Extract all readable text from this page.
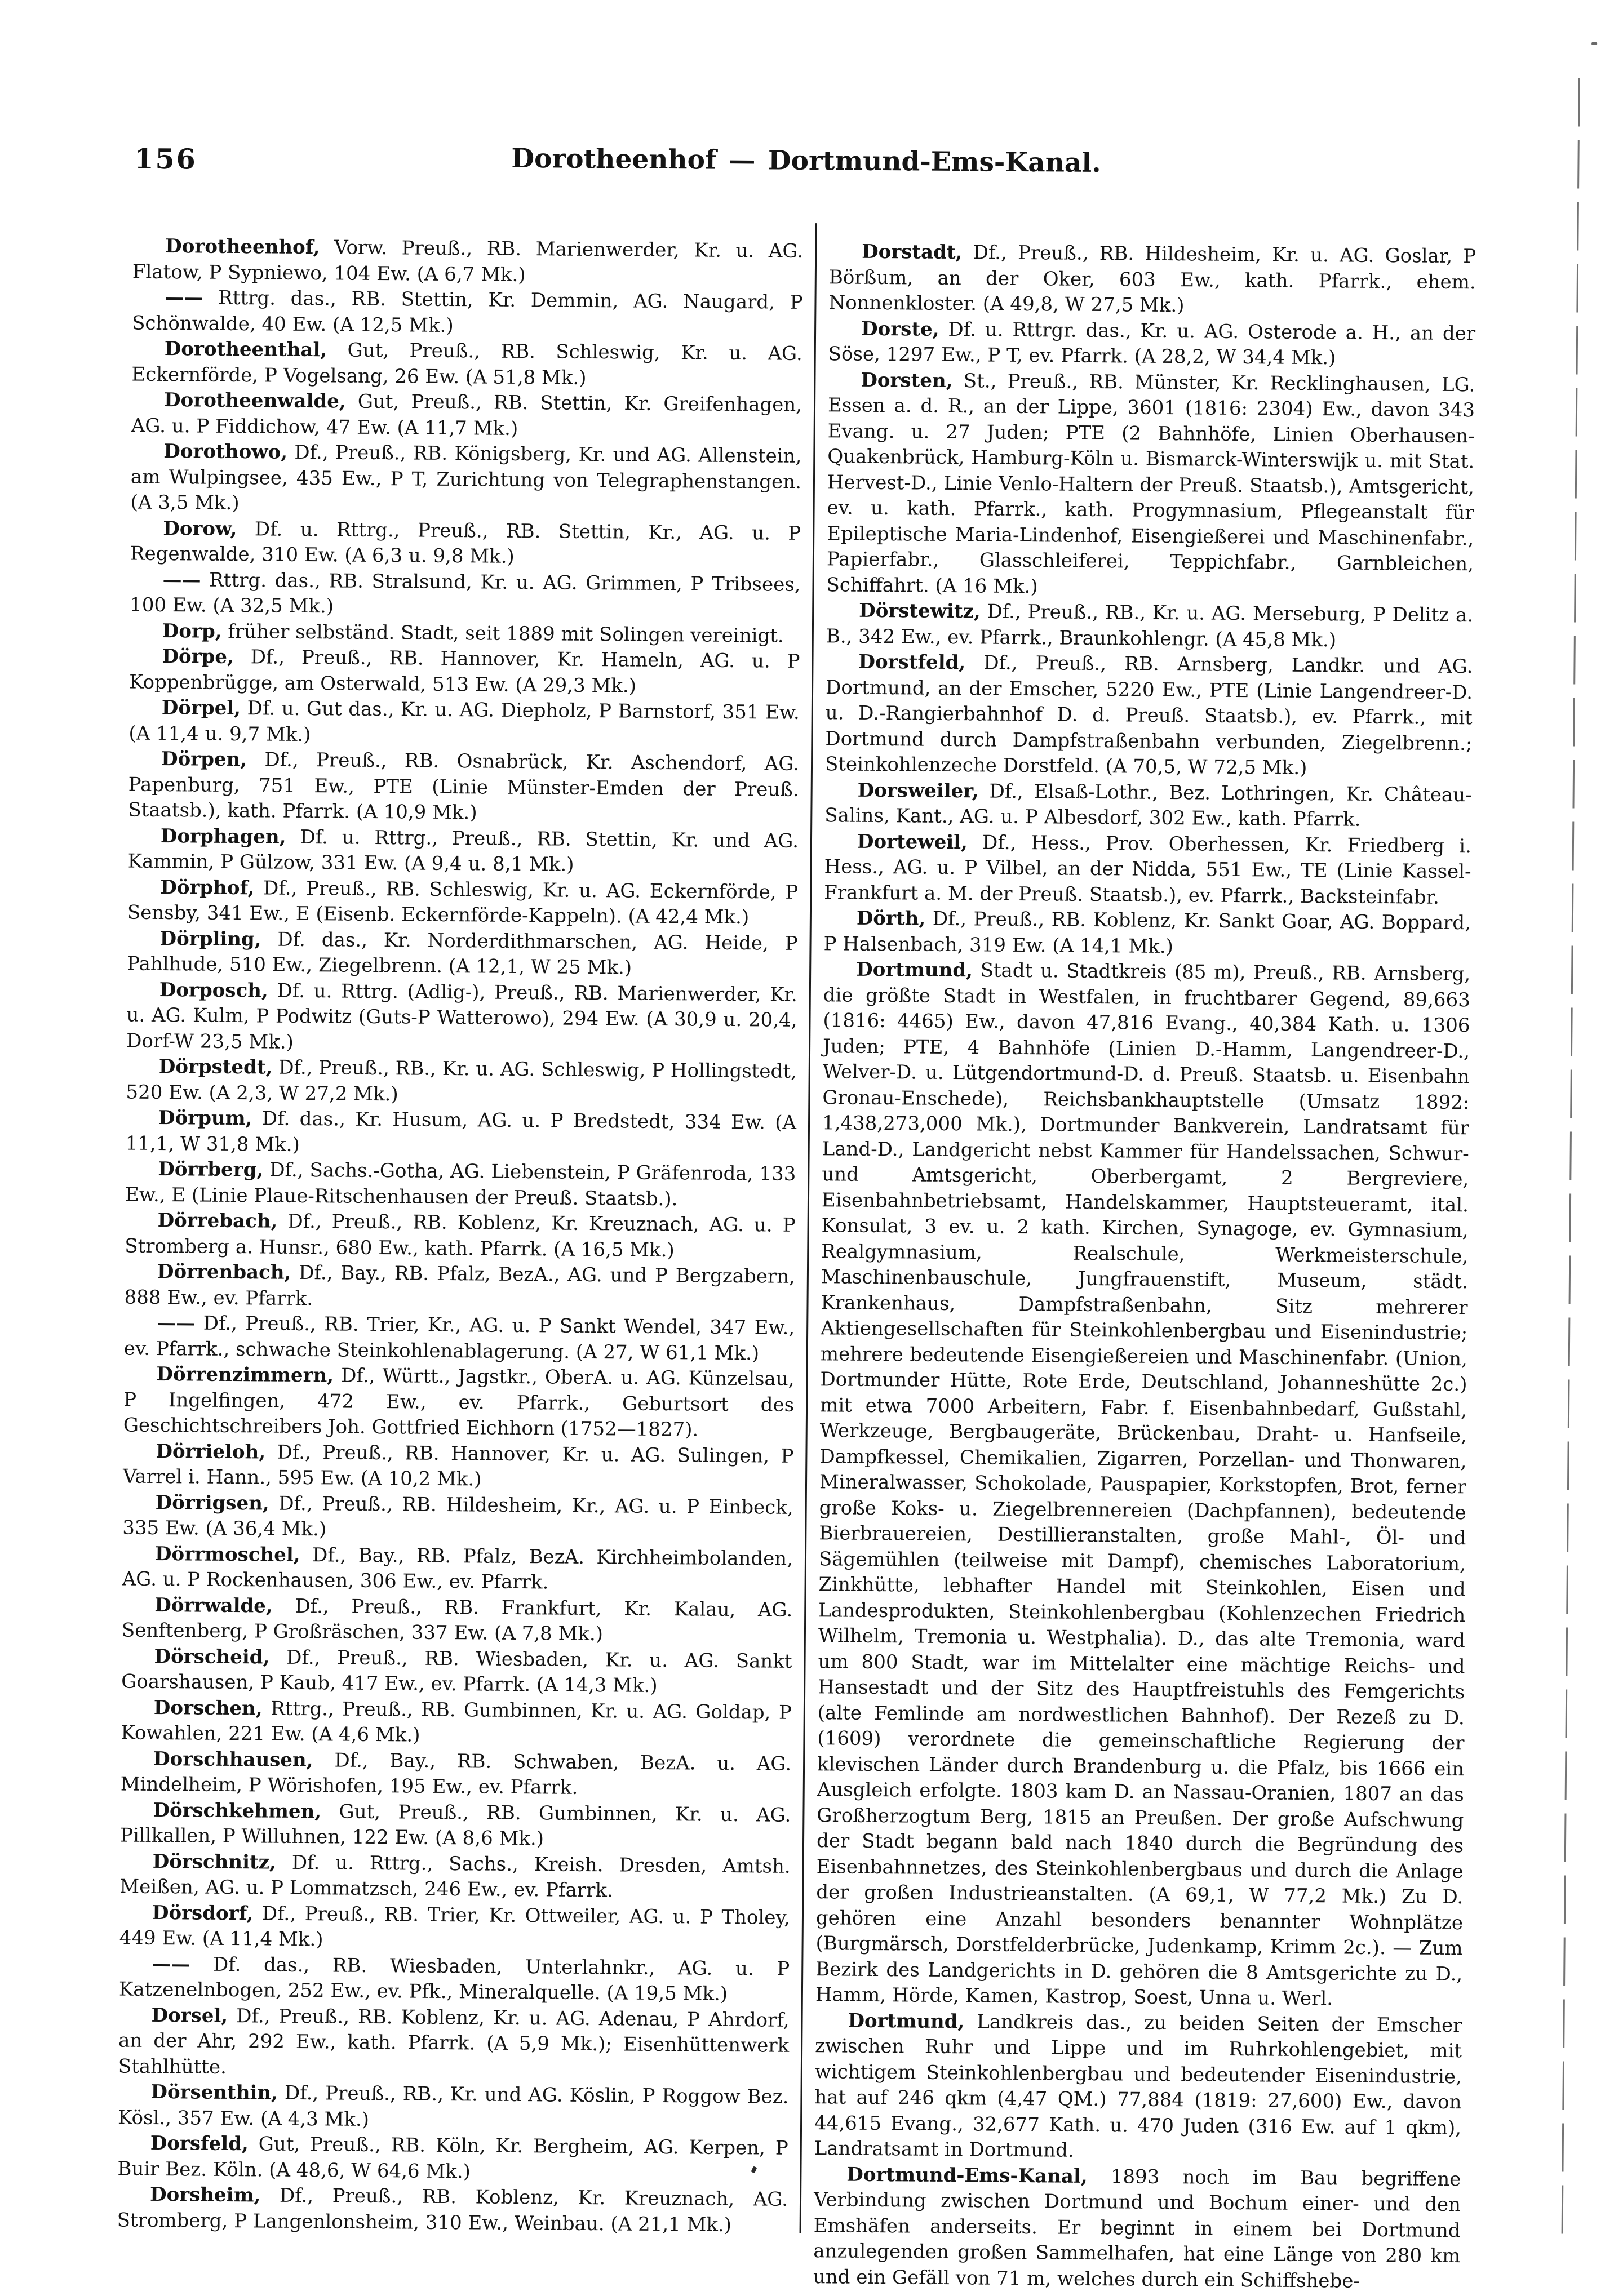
156	Dorotheenhof — Dortmund-Ems-Kanal.

Dorotheenhof, Vorw. Preuß., RB. Marienwerder, Kr. u. AG. Flatow, P Sypniewo, 104 Ew. (A 6,7 Mk.)

—— Rttrg. das., RB. Stettin, Kr. Demmin, AG. Naugard, P Schönwalde, 40 Ew. (A 12,5 Mk.)

Dorotheenthal, Gut, Preuß., RB. Schleswig, Kr. u. AG. Eckernförde, P Vogelsang, 26 Ew. (A 51,8 Mk.)

Dorotheenwalde, Gut, Preuß., RB. Stettin, Kr. Greifenhagen, AG. u. P Fiddichow, 47 Ew. (A 11,7 Mk.)

Dorothowo, Df., Preuß., RB. Königsberg, Kr. und AG. Allenstein, am Wulpingsee, 435 Ew., P T, Zurichtung von Telegraphenstangen. (A 3,5 Mk.)

Dorow, Df. u. Rttrg., Preuß., RB. Stettin, Kr., AG. u. P Regenwalde, 310 Ew. (A 6,3 u. 9,8 Mk.)

—— Rttrg. das., RB. Stralsund, Kr. u. AG. Grimmen, P Tribsees, 100 Ew. (A 32,5 Mk.)

Dorp, früher selbständ. Stadt, seit 1889 mit Solingen vereinigt.

Dörpe, Df., Preuß., RB. Hannover, Kr. Hameln, AG. u. P Koppenbrügge, am Osterwald, 513 Ew. (A 29,3 Mk.)

Dörpel, Df. u. Gut das., Kr. u. AG. Diepholz, P Barnstorf, 351 Ew. (A 11,4 u. 9,7 Mk.)

Dörpen, Df., Preuß., RB. Osnabrück, Kr. Aschendorf, AG. Papenburg, 751 Ew., PTE (Linie Münster-Emden der Preuß. Staatsb.), kath. Pfarrk. (A 10,9 Mk.)

Dorphagen, Df. u. Rttrg., Preuß., RB. Stettin, Kr. und AG. Kammin, P Gülzow, 331 Ew. (A 9,4 u. 8,1 Mk.)

Dörphof, Df., Preuß., RB. Schleswig, Kr. u. AG. Eckernförde, P Sensby, 341 Ew., E (Eisenb. Eckernförde-Kappeln). (A 42,4 Mk.)

Dörpling, Df. das., Kr. Norderdithmarschen, AG. Heide, P Pahlhude, 510 Ew., Ziegelbrenn. (A 12,1, W 25 Mk.)

Dorposch, Df. u. Rttrg. (Adlig-), Preuß., RB. Marienwerder, Kr. u. AG. Kulm, P Podwitz (Guts-P Watterowo), 294 Ew. (A 30,9 u. 20,4, Dorf-W 23,5 Mk.)

Dörpstedt, Df., Preuß., RB., Kr. u. AG. Schleswig, P Hollingstedt, 520 Ew. (A 2,3, W 27,2 Mk.)

Dörpum, Df. das., Kr. Husum, AG. u. P Bredstedt, 334 Ew. (A 11,1, W 31,8 Mk.)

Dörrberg, Df., Sachs.-Gotha, AG. Liebenstein, P Gräfenroda, 133 Ew., E (Linie Plaue-Ritschenhausen der Preuß. Staatsb.).

Dörrebach, Df., Preuß., RB. Koblenz, Kr. Kreuznach, AG. u. P Stromberg a. Hunsr., 680 Ew., kath. Pfarrk. (A 16,5 Mk.)

Dörrenbach, Df., Bay., RB. Pfalz, BezA., AG. und P Bergzabern, 888 Ew., ev. Pfarrk.

—— Df., Preuß., RB. Trier, Kr., AG. u. P Sankt Wendel, 347 Ew., ev. Pfarrk., schwache Steinkohlenablagerung. (A 27, W 61,1 Mk.)

Dörrenzimmern, Df., Württ., Jagstkr., OberA. u. AG. Künzelsau, P Ingelfingen, 472 Ew., ev. Pfarrk., Geburtsort des Geschichtschreibers Joh. Gottfried Eichhorn (1752—1827).

Dörrieloh, Df., Preuß., RB. Hannover, Kr. u. AG. Sulingen, P Varrel i. Hann., 595 Ew. (A 10,2 Mk.)

Dörrigsen, Df., Preuß., RB. Hildesheim, Kr., AG. u. P Einbeck, 335 Ew. (A 36,4 Mk.)

Dörrmoschel, Df., Bay., RB. Pfalz, BezA. Kirchheimbolanden, AG. u. P Rockenhausen, 306 Ew., ev. Pfarrk.

Dörrwalde, Df., Preuß., RB. Frankfurt, Kr. Kalau, AG. Senftenberg, P Großräschen, 337 Ew. (A 7,8 Mk.)

Dörscheid, Df., Preuß., RB. Wiesbaden, Kr. u. AG. Sankt Goarshausen, P Kaub, 417 Ew., ev. Pfarrk. (A 14,3 Mk.)

Dorschen, Rttrg., Preuß., RB. Gumbinnen, Kr. u. AG. Goldap, P Kowahlen, 221 Ew. (A 4,6 Mk.)

Dorschhausen, Df., Bay., RB. Schwaben, BezA. u. AG. Mindelheim, P Wörishofen, 195 Ew., ev. Pfarrk.

Dörschkehmen, Gut, Preuß., RB. Gumbinnen, Kr. u. AG. Pillkallen, P Willuhnen, 122 Ew. (A 8,6 Mk.)

Dörschnitz, Df. u. Rttrg., Sachs., Kreish. Dresden, Amtsh. Meißen, AG. u. P Lommatzsch, 246 Ew., ev. Pfarrk.

Dörsdorf, Df., Preuß., RB. Trier, Kr. Ottweiler, AG. u. P Tholey, 449 Ew. (A 11,4 Mk.)

—— Df. das., RB. Wiesbaden, Unterlahnkr., AG. u. P Katzenelnbogen, 252 Ew., ev. Pfk., Mineralquelle. (A 19,5 Mk.)

Dorsel, Df., Preuß., RB. Koblenz, Kr. u. AG. Adenau, P Ahrdorf, an der Ahr, 292 Ew., kath. Pfarrk. (A 5,9 Mk.); Eisenhüttenwerk Stahlhütte.

Dörsenthin, Df., Preuß., RB., Kr. und AG. Köslin, P Roggow Bez. Kösl., 357 Ew. (A 4,3 Mk.)

Dorsfeld, Gut, Preuß., RB. Köln, Kr. Bergheim, AG. Kerpen, P Buir Bez. Köln. (A 48,6, W 64,6 Mk.)

Dorsheim, Df., Preuß., RB. Koblenz, Kr. Kreuznach, AG. Stromberg, P Langenlonsheim, 310 Ew., Weinbau. (A 21,1 Mk.)

Dorstadt, Df., Preuß., RB. Hildesheim, Kr. u. AG. Goslar, P Börßum, an der Oker, 603 Ew., kath. Pfarrk., ehem. Nonnenkloster. (A 49,8, W 27,5 Mk.)

Dorste, Df. u. Rttrgr. das., Kr. u. AG. Osterode a. H., an der Söse, 1297 Ew., P T, ev. Pfarrk. (A 28,2, W 34,4 Mk.)

Dorsten, St., Preuß., RB. Münster, Kr. Recklinghausen, LG. Essen a. d. R., an der Lippe, 3601 (1816: 2304) Ew., davon 343 Evang. u. 27 Juden; PTE (2 Bahnhöfe, Linien Oberhausen-Quakenbrück, Hamburg-Köln u. Bismarck-Winterswijk u. mit Stat. Hervest-D., Linie Venlo-Haltern der Preuß. Staatsb.), Amtsgericht, ev. u. kath. Pfarrk., kath. Progymnasium, Pflegeanstalt für Epileptische Maria-Lindenhof, Eisengießerei und Maschinenfabr., Papierfabr., Glasschleiferei, Teppichfabr., Garnbleichen, Schiffahrt. (A 16 Mk.)

Dörstewitz, Df., Preuß., RB., Kr. u. AG. Merseburg, P Delitz a. B., 342 Ew., ev. Pfarrk., Braunkohlengr. (A 45,8 Mk.)

Dorstfeld, Df., Preuß., RB. Arnsberg, Landkr. und AG. Dortmund, an der Emscher, 5220 Ew., PTE (Linie Langendreer-D. u. D.-Rangierbahnhof D. d. Preuß. Staatsb.), ev. Pfarrk., mit Dortmund durch Dampfstraßenbahn verbunden, Ziegelbrenn.; Steinkohlenzeche Dorstfeld. (A 70,5, W 72,5 Mk.)

Dorsweiler, Df., Elsaß-Lothr., Bez. Lothringen, Kr. Château-Salins, Kant., AG. u. P Albesdorf, 302 Ew., kath. Pfarrk.

Dorteweil, Df., Hess., Prov. Oberhessen, Kr. Friedberg i. Hess., AG. u. P Vilbel, an der Nidda, 551 Ew., TE (Linie Kassel-Frankfurt a. M. der Preuß. Staatsb.), ev. Pfarrk., Backsteinfabr.

Dörth, Df., Preuß., RB. Koblenz, Kr. Sankt Goar, AG. Boppard, P Halsenbach, 319 Ew. (A 14,1 Mk.)

Dortmund, Stadt u. Stadtkreis (85 m), Preuß., RB. Arnsberg, die größte Stadt in Westfalen, in fruchtbarer Gegend, 89,663 (1816: 4465) Ew., davon 47,816 Evang., 40,384 Kath. u. 1306 Juden; PTE, 4 Bahnhöfe (Linien D.-Hamm, Langendreer-D., Welver-D. u. Lütgendortmund-D. d. Preuß. Staatsb. u. Eisenbahn Gronau-Enschede), Reichsbankhauptstelle (Umsatz 1892: 1,438,273,000 Mk.), Dortmunder Bankverein, Landratsamt für Land-D., Landgericht nebst Kammer für Handelssachen, Schwur- und Amtsgericht, Oberbergamt, 2 Bergreviere, Eisenbahnbetriebsamt, Handelskammer, Hauptsteueramt, ital. Konsulat, 3 ev. u. 2 kath. Kirchen, Synagoge, ev. Gymnasium, Realgymnasium, Realschule, Werkmeisterschule, Maschinenbauschule, Jungfrauenstift, Museum, städt. Krankenhaus, Dampfstraßenbahn, Sitz mehrerer Aktiengesellschaften für Steinkohlenbergbau und Eisenindustrie; mehrere bedeutende Eisengießereien und Maschinenfabr. (Union, Dortmunder Hütte, Rote Erde, Deutschland, Johanneshütte 2c.) mit etwa 7000 Arbeitern, Fabr. f. Eisenbahnbedarf, Gußstahl, Werkzeuge, Bergbaugeräte, Brückenbau, Draht- u. Hanfseile, Dampfkessel, Chemikalien, Zigarren, Porzellan- und Thonwaren, Mineralwasser, Schokolade, Pauspapier, Korkstopfen, Brot, ferner große Koks- u. Ziegelbrennereien (Dachpfannen), bedeutende Bierbrauereien, Destillieranstalten, große Mahl-, Öl- und Sägemühlen (teilweise mit Dampf), chemisches Laboratorium, Zinkhütte, lebhafter Handel mit Steinkohlen, Eisen und Landesprodukten, Steinkohlenbergbau (Kohlenzechen Friedrich Wilhelm, Tremonia u. Westphalia). D., das alte Tremonia, ward um 800 Stadt, war im Mittelalter eine mächtige Reichs- und Hansestadt und der Sitz des Hauptfreistuhls des Femgerichts (alte Femlinde am nordwestlichen Bahnhof). Der Rezeß zu D. (1609) verordnete die gemeinschaftliche Regierung der klevischen Länder durch Brandenburg u. die Pfalz, bis 1666 ein Ausgleich erfolgte. 1803 kam D. an Nassau-Oranien, 1807 an das Großherzogtum Berg, 1815 an Preußen. Der große Aufschwung der Stadt begann bald nach 1840 durch die Begründung des Eisenbahnnetzes, des Steinkohlenbergbaus und durch die Anlage der großen Industrieanstalten. (A 69,1, W 77,2 Mk.) Zu D. gehören eine Anzahl besonders benannter Wohnplätze (Burgmärsch, Dorstfelderbrücke, Judenkamp, Krimm 2c.). — Zum Bezirk des Landgerichts in D. gehören die 8 Amtsgerichte zu D., Hamm, Hörde, Kamen, Kastrop, Soest, Unna u. Werl.

Dortmund, Landkreis das., zu beiden Seiten der Emscher zwischen Ruhr und Lippe und im Ruhrkohlengebiet, mit wichtigem Steinkohlenbergbau und bedeutender Eisenindustrie, hat auf 246 qkm (4,47 QM.) 77,884 (1819: 27,600) Ew., davon 44,615 Evang., 32,677 Kath. u. 470 Juden (316 Ew. auf 1 qkm), Landratsamt in Dortmund.

Dortmund-Ems-Kanal, 1893 noch im Bau begriffene Verbindung zwischen Dortmund und Bochum einer- und den Emshäfen anderseits. Er beginnt in einem bei Dortmund anzulegenden großen Sammelhafen, hat eine Länge von 280 km und ein Gefäll von 71 m, welches durch ein Schiffshebe-
